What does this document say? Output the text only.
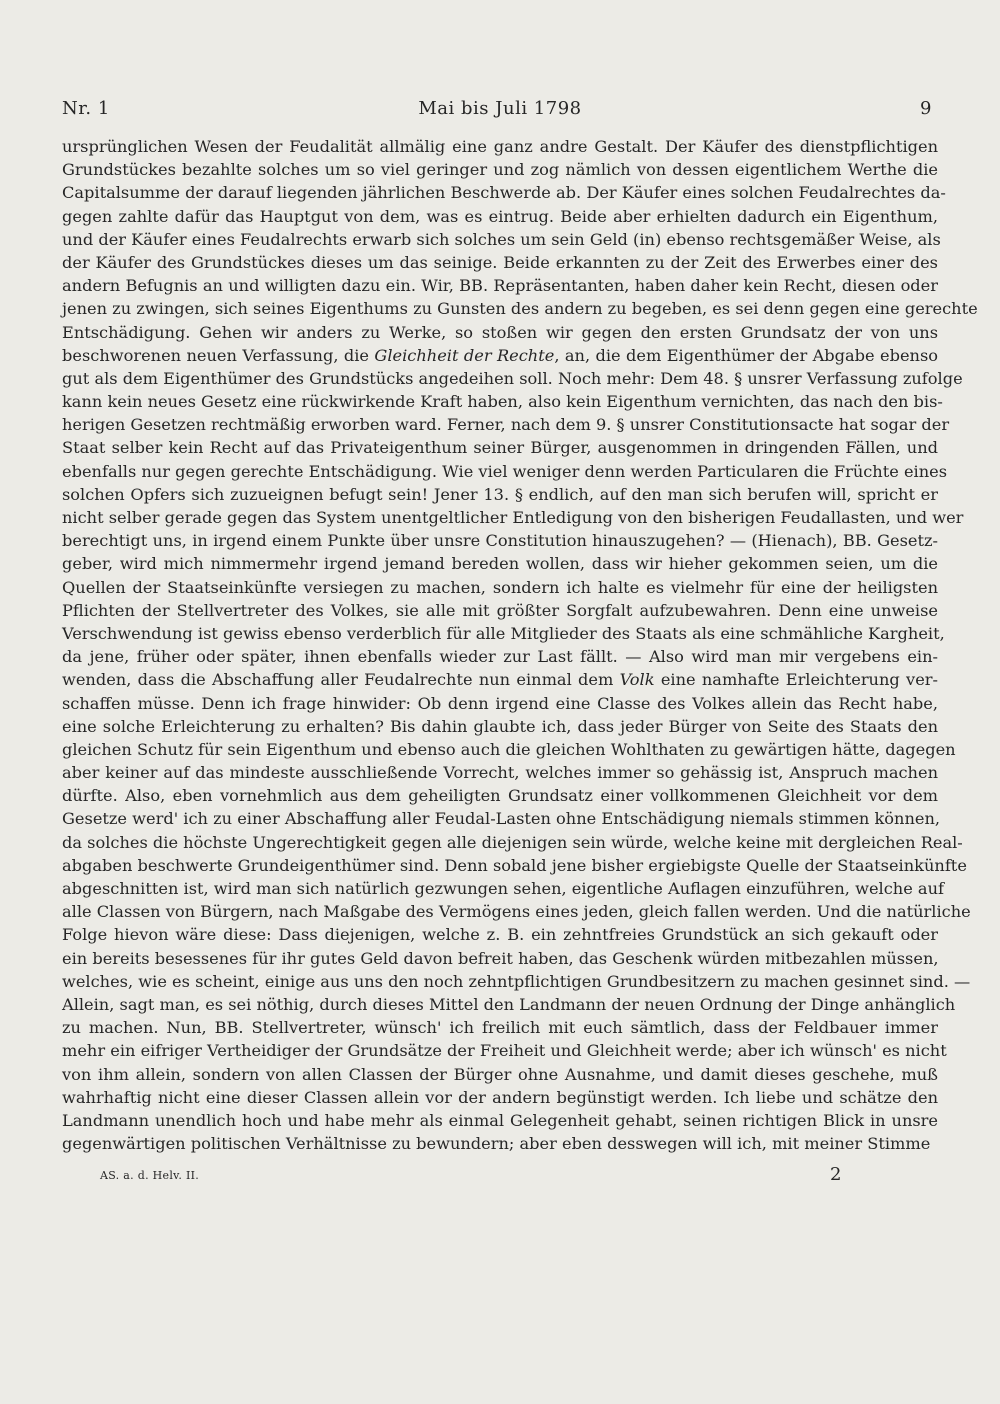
Nr. 1	Mai bis Juli 1798	9
ursprünglichen Wesen der Feudalität allmälig eine ganz andre Gestalt. Der Käufer des dienstpflichtigen
Grundstückes bezahlte solches um so viel geringer und zog nämlich von dessen eigentlichem Werthe die
Capitalsumme der darauf liegenden jährlichen Beschwerde ab. Der Käufer eines solchen Feudalrechtes da-
gegen zahlte dafür das Hauptgut von dem, was es eintrug. Beide aber erhielten dadurch ein Eigenthum,
und der Käufer eines Feudalrechts erwarb sich solches um sein Geld (in) ebenso rechtsgemäßer Weise, als
der Käufer des Grundstückes dieses um das seinige. Beide erkannten zu der Zeit des Erwerbes einer des
andern Befugnis an und willigten dazu ein. Wir, BB. Repräsentanten, haben daher kein Recht, diesen oder
jenen zu zwingen, sich seines Eigenthums zu Gunsten des andern zu begeben, es sei denn gegen eine gerechte
Entschädigung. Gehen wir anders zu Werke, so stoßen wir gegen den ersten Grundsatz der von uns
beschworenen neuen Verfassung, die Gleichheit der Rechte, an, die dem Eigenthümer der Abgabe ebenso
gut als dem Eigenthümer des Grundstücks angedeihen soll. Noch mehr: Dem 48. § unsrer Verfassung zufolge
kann kein neues Gesetz eine rückwirkende Kraft haben, also kein Eigenthum vernichten, das nach den bis-
herigen Gesetzen rechtmäßig erworben ward. Ferner, nach dem 9. § unsrer Constitutionsacte hat sogar der
Staat selber kein Recht auf das Privateigenthum seiner Bürger, ausgenommen in dringenden Fällen, und
ebenfalls nur gegen gerechte Entschädigung. Wie viel weniger denn werden Particularen die Früchte eines
solchen Opfers sich zuzueignen befugt sein! Jener 13. § endlich, auf den man sich berufen will, spricht er
nicht selber gerade gegen das System unentgeltlicher Entledigung von den bisherigen Feudallasten, und wer
berechtigt uns, in irgend einem Punkte über unsre Constitution hinauszugehen? — (Hienach), BB. Gesetz-
geber, wird mich nimmermehr irgend jemand bereden wollen, dass wir hieher gekommen seien, um die
Quellen der Staatseinkünfte versiegen zu machen, sondern ich halte es vielmehr für eine der heiligsten
Pflichten der Stellvertreter des Volkes, sie alle mit größter Sorgfalt aufzubewahren. Denn eine unweise
Verschwendung ist gewiss ebenso verderblich für alle Mitglieder des Staats als eine schmähliche Kargheit,
da jene, früher oder später, ihnen ebenfalls wieder zur Last fällt. — Also wird man mir vergebens ein-
wenden, dass die Abschaffung aller Feudalrechte nun einmal dem Volk eine namhafte Erleichterung ver-
schaffen müsse. Denn ich frage hinwider: Ob denn irgend eine Classe des Volkes allein das Recht habe,
eine solche Erleichterung zu erhalten? Bis dahin glaubte ich, dass jeder Bürger von Seite des Staats den
gleichen Schutz für sein Eigenthum und ebenso auch die gleichen Wohlthaten zu gewärtigen hätte, dagegen
aber keiner auf das mindeste ausschließende Vorrecht, welches immer so gehässig ist, Anspruch machen
dürfte. Also, eben vornehmlich aus dem geheiligten Grundsatz einer vollkommenen Gleichheit vor dem
Gesetze werd' ich zu einer Abschaffung aller Feudal-Lasten ohne Entschädigung niemals stimmen können,
da solches die höchste Ungerechtigkeit gegen alle diejenigen sein würde, welche keine mit dergleichen Real-
abgaben beschwerte Grundeigenthümer sind. Denn sobald jene bisher ergiebigste Quelle der Staatseinkünfte
abgeschnitten ist, wird man sich natürlich gezwungen sehen, eigentliche Auflagen einzuführen, welche auf
alle Classen von Bürgern, nach Maßgabe des Vermögens eines jeden, gleich fallen werden. Und die natürliche
Folge hievon wäre diese: Dass diejenigen, welche z. B. ein zehntfreies Grundstück an sich gekauft oder
ein bereits besessenes für ihr gutes Geld davon befreit haben, das Geschenk würden mitbezahlen müssen,
welches, wie es scheint, einige aus uns den noch zehntpflichtigen Grundbesitzern zu machen gesinnet sind. —
Allein, sagt man, es sei nöthig, durch dieses Mittel den Landmann der neuen Ordnung der Dinge anhänglich
zu machen. Nun, BB. Stellvertreter, wünsch' ich freilich mit euch sämtlich, dass der Feldbauer immer
mehr ein eifriger Vertheidiger der Grundsätze der Freiheit und Gleichheit werde; aber ich wünsch' es nicht
von ihm allein, sondern von allen Classen der Bürger ohne Ausnahme, und damit dieses geschehe, muß
wahrhaftig nicht eine dieser Classen allein vor der andern begünstigt werden. Ich liebe und schätze den
Landmann unendlich hoch und habe mehr als einmal Gelegenheit gehabt, seinen richtigen Blick in unsre
gegenwärtigen politischen Verhältnisse zu bewundern; aber eben desswegen will ich, mit meiner Stimme
AS. a. d. Helv. II.	2
